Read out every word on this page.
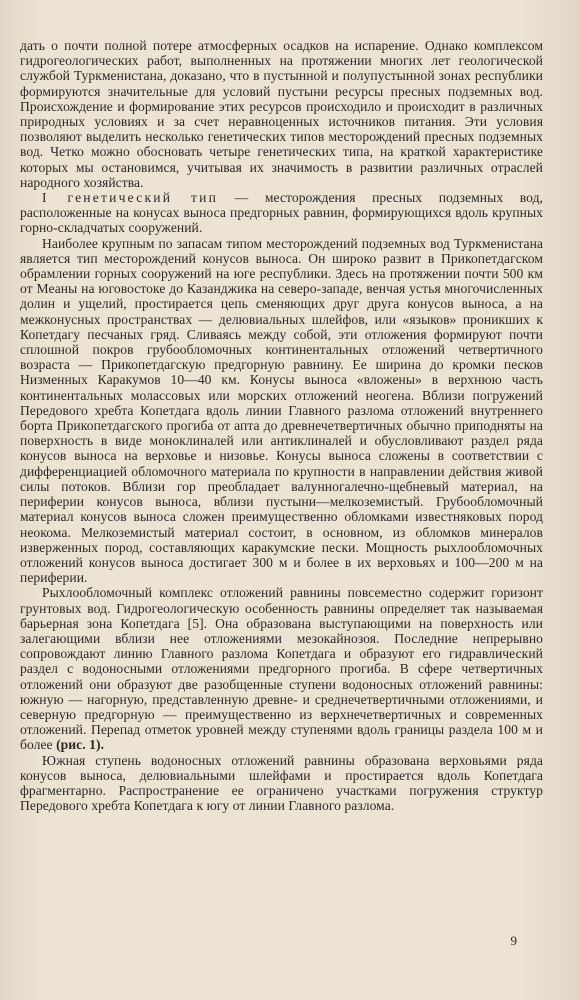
дать о почти полной потере атмосферных осадков на испарение. Однако комплексом гидрогеологических работ, выполненных на протяжении многих лет геологической службой Туркменистана, доказано, что в пустынной и полупустынной зонах республики формируются значительные для условий пустыни ресурсы пресных подземных вод. Происхождение и формирование этих ресурсов происходило и происходит в различных природных условиях и за счет неравноценных источников питания. Эти условия позволяют выделить несколько генетических типов месторождений пресных подземных вод. Четко можно обосновать четыре генетических типа, на краткой характеристике которых мы остановимся, учитывая их значимость в развитии различных отраслей народного хозяйства.

I генетический тип — месторождения пресных подземных вод, расположенные на конусах выноса предгорных равнин, формирующихся вдоль крупных горно-складчатых сооружений.

Наиболее крупным по запасам типом месторождений подземных вод Туркменистана является тип месторождений конусов выноса. Он широко развит в Прикопетдагском обрамлении горных сооружений на юге республики. Здесь на протяжении почти 500 км от Меаны на юговостоке до Казанджика на северо-западе, венчая устья многочисленных долин и ущелий, простирается цепь сменяющих друг друга конусов выноса, а на межконусных пространствах — делювиальных шлейфов, или «языков» проникших к Копетдагу песчаных гряд. Сливаясь между собой, эти отложения формируют почти сплошной покров грубообломочных континентальных отложений четвертичного возраста — Прикопетдагскую предгорную равнину. Ее ширина до кромки песков Низменных Каракумов 10—40 км. Конусы выноса «вложены» в верхнюю часть континентальных молассовых или морских отложений неогена. Вблизи погружений Передового хребта Копетдага вдоль линии Главного разлома отложений внутреннего борта Прикопетдагского прогиба от апта до древнечетвертичных обычно приподняты на поверхность в виде моноклиналей или антиклиналей и обусловливают раздел ряда конусов выноса на верховье и низовье. Конусы выноса сложены в соответствии с дифференциацией обломочного материала по крупности в направлении действия живой силы потоков. Вблизи гор преобладает валунногалечно-щебневый материал, на периферии конусов выноса, вблизи пустыни—мелкоземистый. Грубообломочный материал конусов выноса сложен преимущественно обломками известняковых пород неокома. Мелкоземистый материал состоит, в основном, из обломков минералов изверженных пород, составляющих каракумские пески. Мощность рыхлообломочных отложений конусов выноса достигает 300 м и более в их верховьях и 100—200 м на периферии.

Рыхлообломочный комплекс отложений равнины повсеместно содержит горизонт грунтовых вод. Гидрогеологическую особенность равнины определяет так называемая барьерная зона Копетдага [5]. Она образована выступающими на поверхность или залегающими вблизи нее отложениями мезокайнозоя. Последние непрерывно сопровождают линию Главного разлома Копетдага и образуют его гидравлический раздел с водоносными отложениями предгорного прогиба. В сфере четвертичных отложений они образуют две разобщенные ступени водоносных отложений равнины: южную — нагорную, представленную древне- и среднечетвертичными отложениями, и северную предгорную — преимущественно из верхнечетвертичных и современных отложений. Перепад отметок уровней между ступенями вдоль границы раздела 100 м и более (рис. 1).

Южная ступень водоносных отложений равнины образована верховьями ряда конусов выноса, делювиальными шлейфами и простирается вдоль Копетдага фрагментарно. Распространение ее ограничено участками погружения структур Передового хребта Копетдага к югу от линии Главного разлома.

9
